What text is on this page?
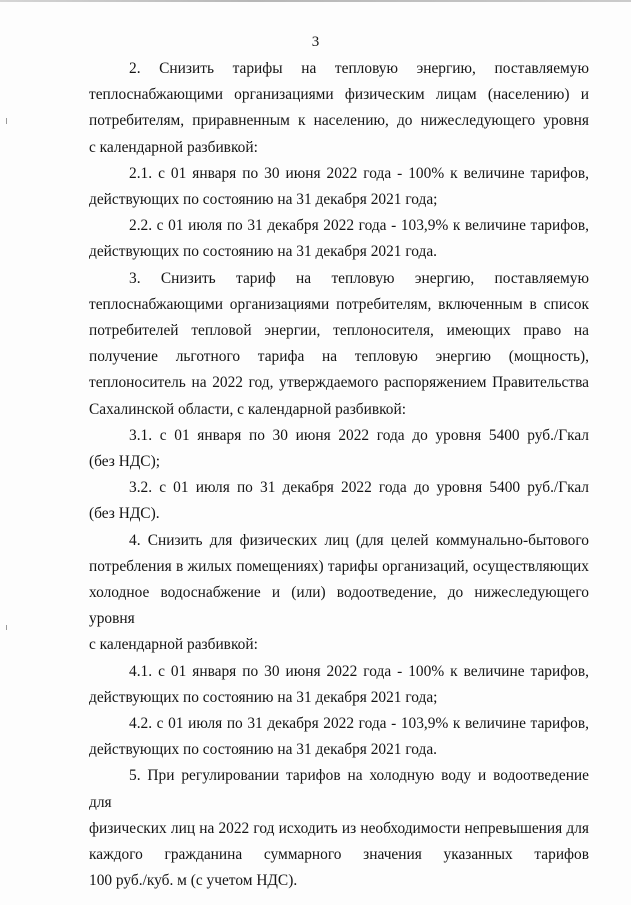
3
2. Снизить тарифы на тепловую энергию, поставляемую
теплоснабжающими организациями физическим лицам (населению) и
потребителям, приравненным к населению, до нижеследующего уровня
с календарной разбивкой:
2.1. с 01 января по 30 июня 2022 года - 100% к величине тарифов,
действующих по состоянию на 31 декабря 2021 года;
2.2. с 01 июля по 31 декабря 2022 года - 103,9% к величине тарифов,
действующих по состоянию на 31 декабря 2021 года.
3. Снизить тариф на тепловую энергию, поставляемую
теплоснабжающими организациями потребителям, включенным в список
потребителей тепловой энергии, теплоносителя, имеющих право на
получение льготного тарифа на тепловую энергию (мощность),
теплоноситель на 2022 год, утверждаемого распоряжением Правительства
Сахалинской области, с календарной разбивкой:
3.1. с 01 января по 30 июня 2022 года до уровня 5400 руб./Гкал
(без НДС);
3.2. с 01 июля по 31 декабря 2022 года до уровня 5400 руб./Гкал
(без НДС).
4. Снизить для физических лиц (для целей коммунально-бытового
потребления в жилых помещениях) тарифы организаций, осуществляющих
холодное водоснабжение и (или) водоотведение, до нижеследующего уровня
с календарной разбивкой:
4.1. с 01 января по 30 июня 2022 года - 100% к величине тарифов,
действующих по состоянию на 31 декабря 2021 года;
4.2. с 01 июля по 31 декабря 2022 года - 103,9% к величине тарифов,
действующих по состоянию на 31 декабря 2021 года.
5. При регулировании тарифов на холодную воду и водоотведение для
физических лиц на 2022 год исходить из необходимости непревышения для
каждого гражданина суммарного значения указанных тарифов
100 руб./куб. м (с учетом НДС).
